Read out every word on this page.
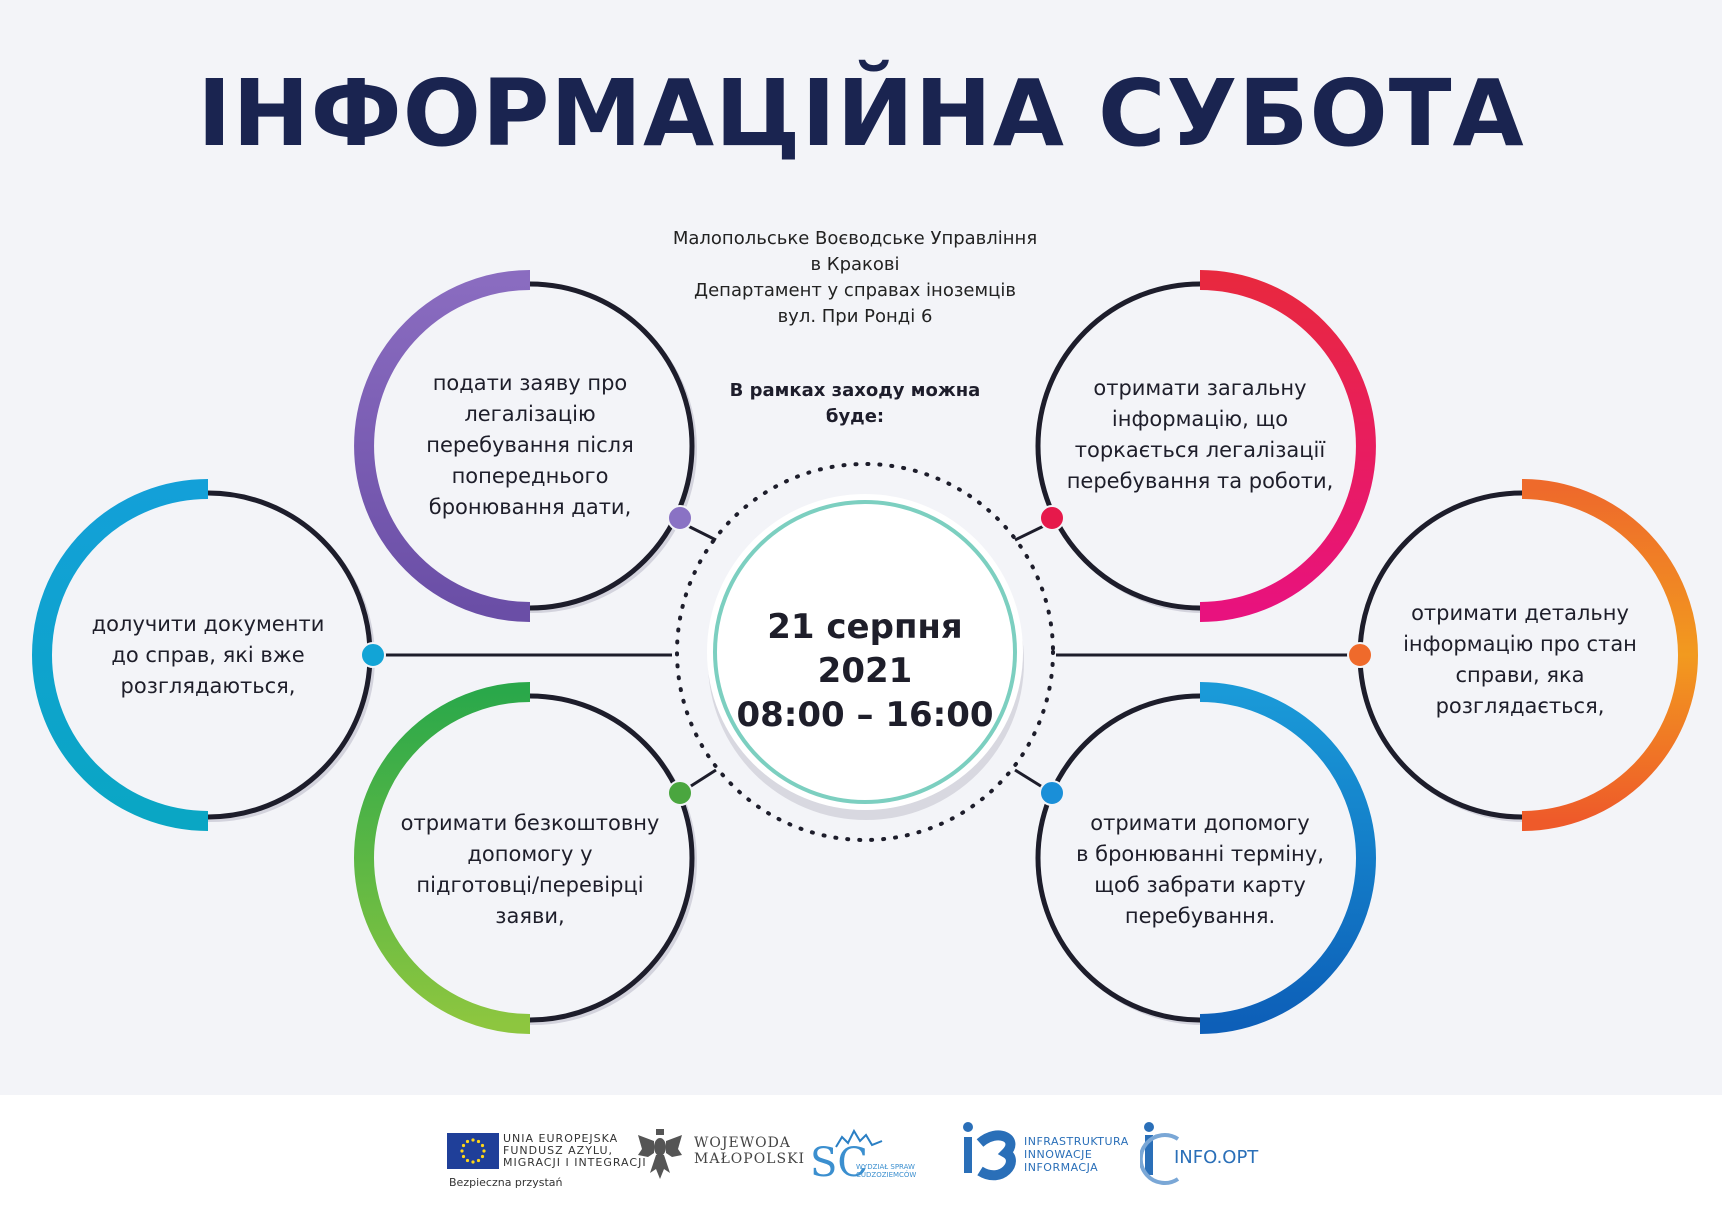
ІНФОРМАЦІЙНА СУБОТА
Малопольське Воєводське Управління
в Кракові
Департамент у справах іноземців
вул. При Ронді 6
В рамках заходу можна буде:
подати заяву про
легалізацію
перебування після
попереднього
бронювання дати,
долучити документи
до справ, які вже
розглядаються,
отримати безкоштовну
допомогу у
підготовці/перевірці
заяви,
отримати загальну
інформацію, що
торкається легалізації
перебування та роботи,
отримати детальну
інформацію про стан
справи, яка
розглядається,
отримати допомогу
в бронюванні терміну,
щоб забрати карту
перебування.
21 серпня 2021
08:00 – 16:00
UNIA EUROPEJSKA
FUNDUSZ AZYLU,
MIGRACJI I INTEGRACJI
Bezpieczna przystań
WOJEWODA
MAŁOPOLSKI SC
WYDZIAŁ SPRAW
CUDZOZIEMCÓW
INFRASTRUKTURA
INNOWACJE
INFORMACJA	INFO.OPT
